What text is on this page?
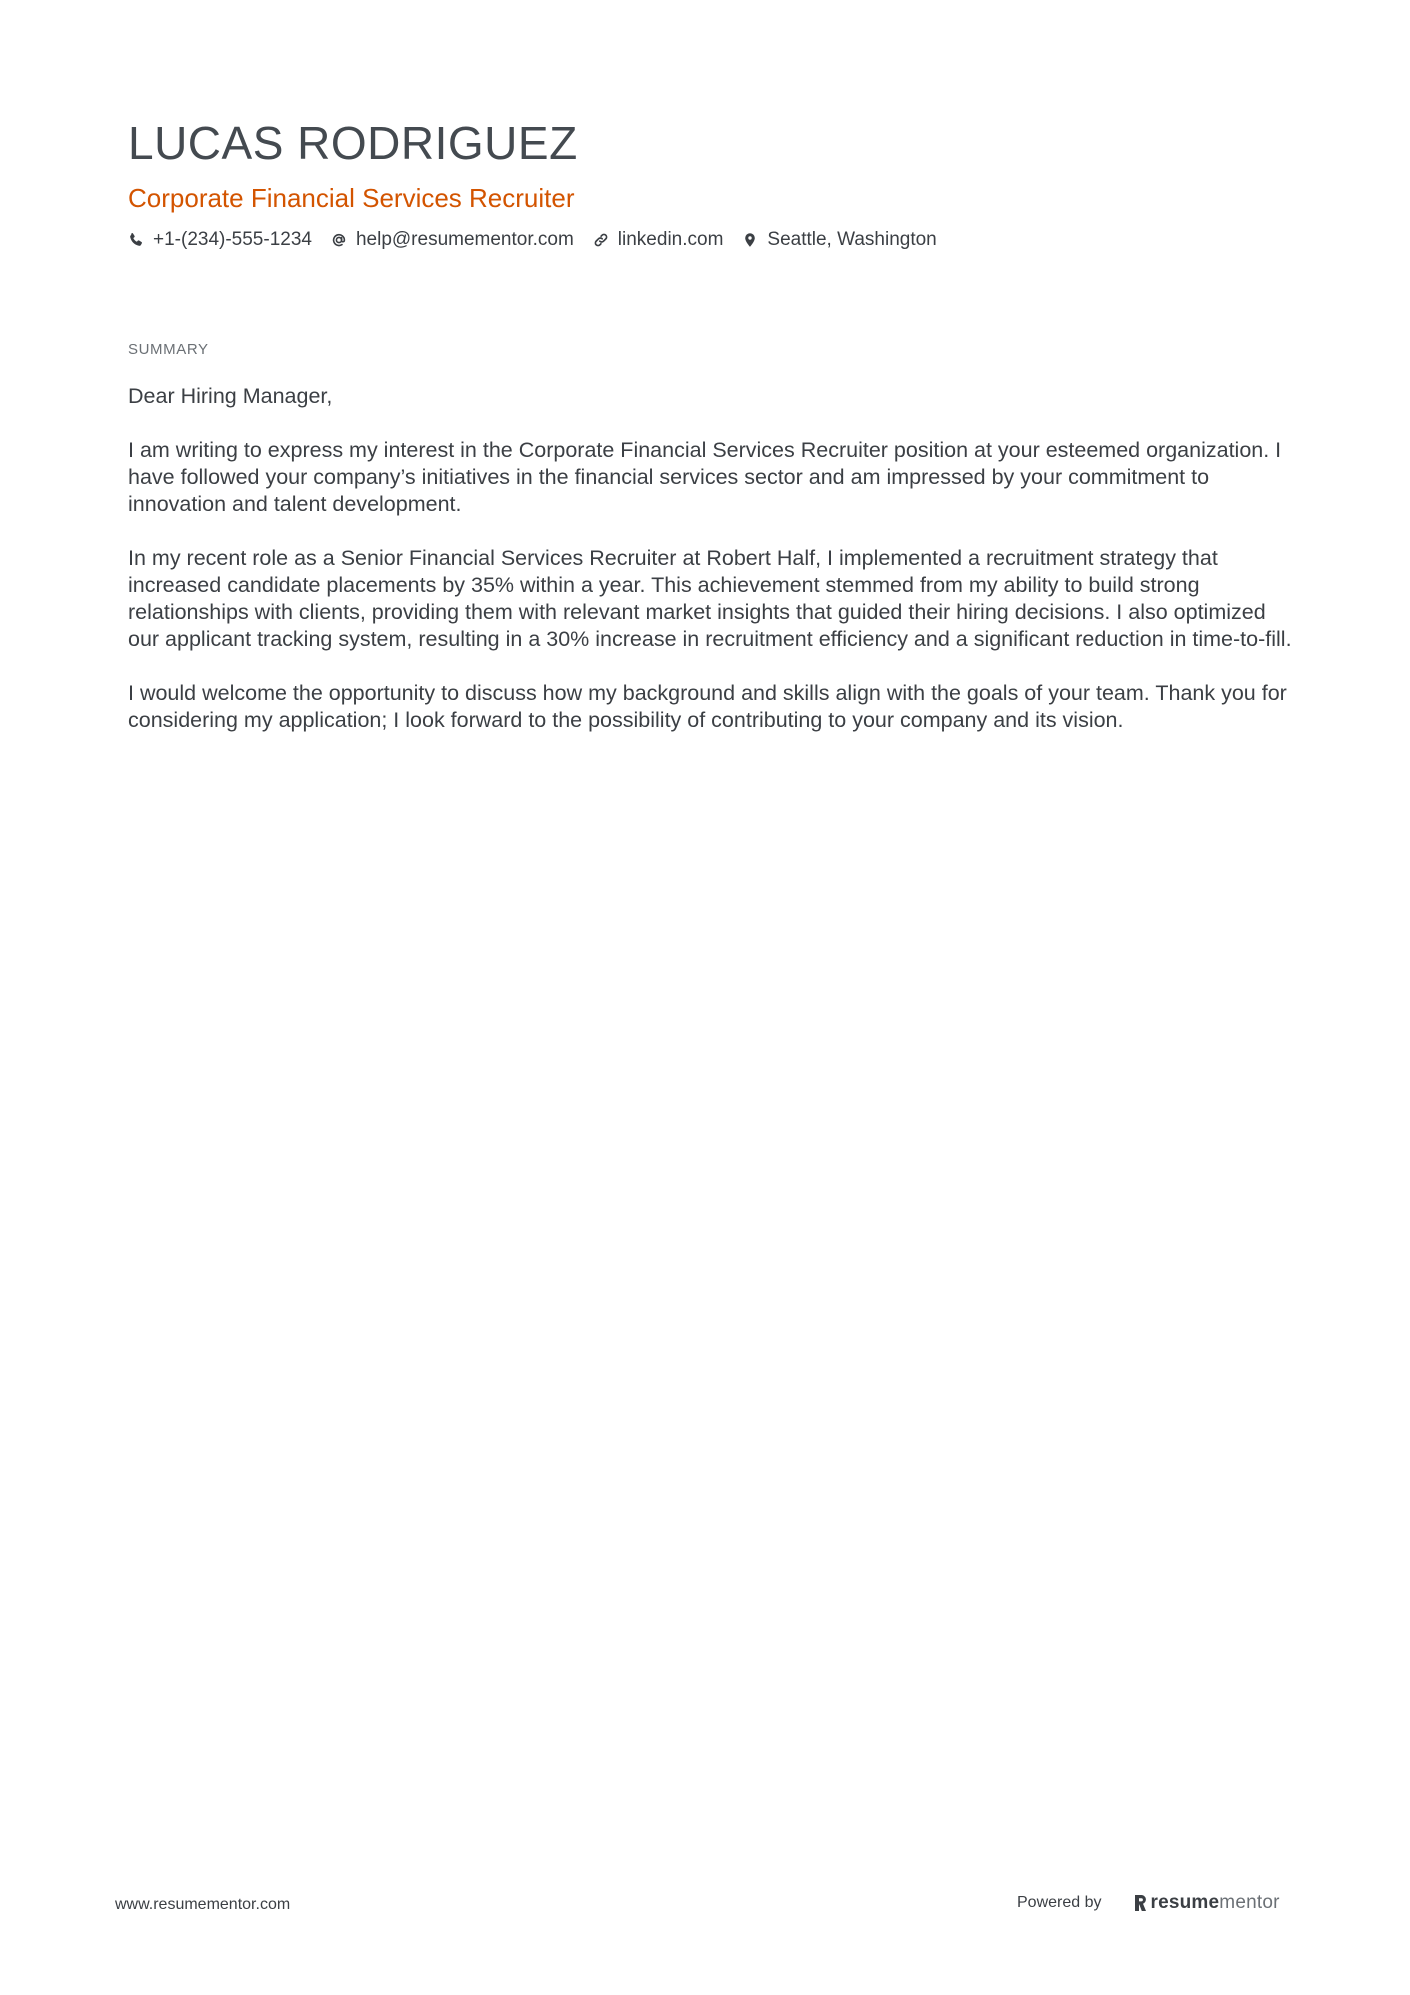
LUCAS RODRIGUEZ
Corporate Financial Services Recruiter
+1-(234)-555-1234 help@resumementor.com linkedin.com Seattle, Washington
SUMMARY

Dear Hiring Manager,

I am writing to express my interest in the Corporate Financial Services Recruiter position at your esteemed organization. I have followed your company’s initiatives in the financial services sector and am impressed by your commitment to innovation and talent development.

In my recent role as a Senior Financial Services Recruiter at Robert Half, I implemented a recruitment strategy that increased candidate placements by 35% within a year. This achievement stemmed from my ability to build strong relationships with clients, providing them with relevant market insights that guided their hiring decisions. I also optimized our applicant tracking system, resulting in a 30% increase in recruitment efficiency and a significant reduction in time-to-fill.

I would welcome the opportunity to discuss how my background and skills align with the goals of your team. Thank you for considering my application; I look forward to the possibility of contributing to your company and its vision.

www.resumementor.com	Powered by	resumementor
